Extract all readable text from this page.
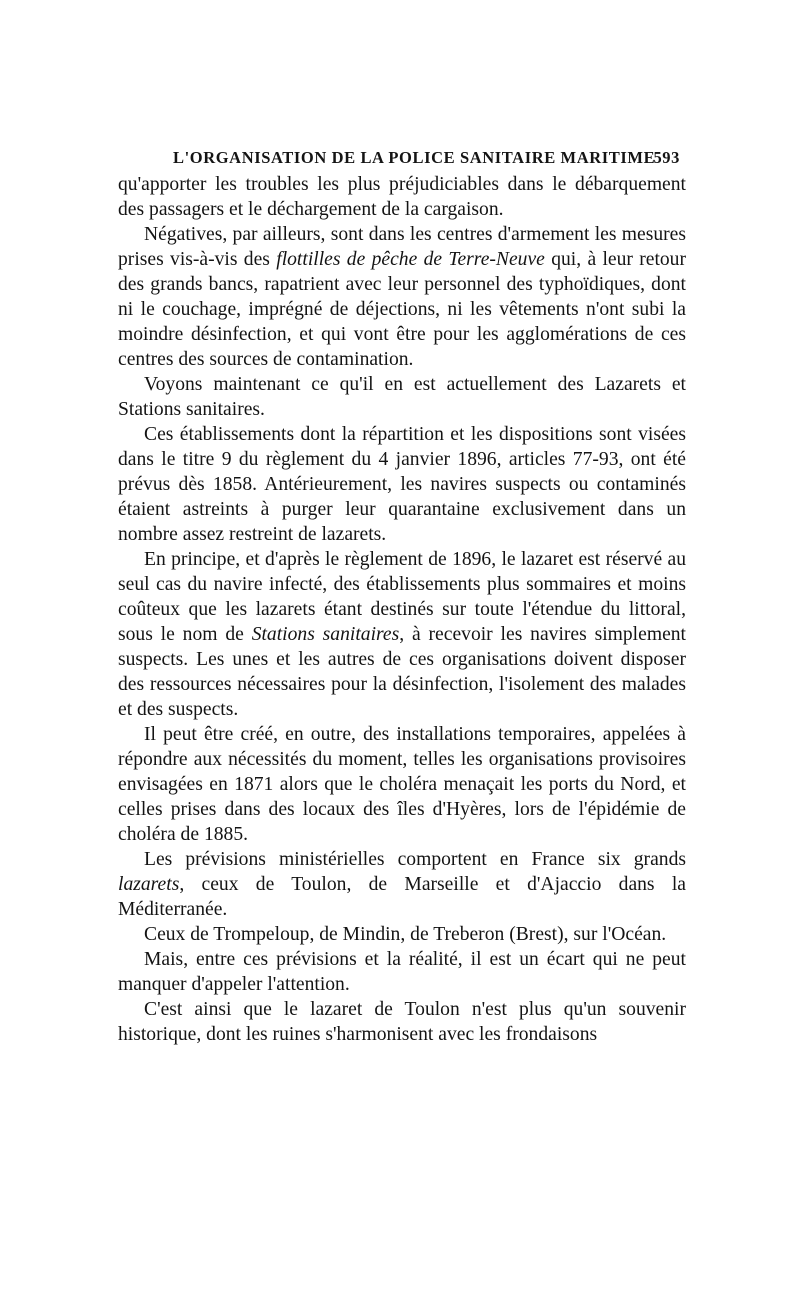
L'ORGANISATION DE LA POLICE SANITAIRE MARITIME
593

qu'apporter les troubles les plus préjudiciables dans le débarquement des passagers et le déchargement de la cargaison.

Négatives, par ailleurs, sont dans les centres d'armement les mesures prises vis-à-vis des flottilles de pêche de Terre-Neuve qui, à leur retour des grands bancs, rapatrient avec leur personnel des typhoïdiques, dont ni le couchage, imprégné de déjections, ni les vêtements n'ont subi la moindre désinfection, et qui vont être pour les agglomérations de ces centres des sources de contamination.

Voyons maintenant ce qu'il en est actuellement des Lazarets et Stations sanitaires.

Ces établissements dont la répartition et les dispositions sont visées dans le titre 9 du règlement du 4 janvier 1896, articles 77-93, ont été prévus dès 1858. Antérieurement, les navires suspects ou contaminés étaient astreints à purger leur quarantaine exclusivement dans un nombre assez restreint de lazarets.

En principe, et d'après le règlement de 1896, le lazaret est réservé au seul cas du navire infecté, des établissements plus sommaires et moins coûteux que les lazarets étant destinés sur toute l'étendue du littoral, sous le nom de Stations sanitaires, à recevoir les navires simplement suspects. Les unes et les autres de ces organisations doivent disposer des ressources nécessaires pour la désinfection, l'isolement des malades et des suspects.

Il peut être créé, en outre, des installations temporaires, appelées à répondre aux nécessités du moment, telles les organisations provisoires envisagées en 1871 alors que le choléra menaçait les ports du Nord, et celles prises dans des locaux des îles d'Hyères, lors de l'épidémie de choléra de 1885.

Les prévisions ministérielles comportent en France six grands lazarets, ceux de Toulon, de Marseille et d'Ajaccio dans la Méditerranée.

Ceux de Trompeloup, de Mindin, de Treberon (Brest), sur l'Océan.

Mais, entre ces prévisions et la réalité, il est un écart qui ne peut manquer d'appeler l'attention.

C'est ainsi que le lazaret de Toulon n'est plus qu'un souvenir historique, dont les ruines s'harmonisent avec les frondaisons
